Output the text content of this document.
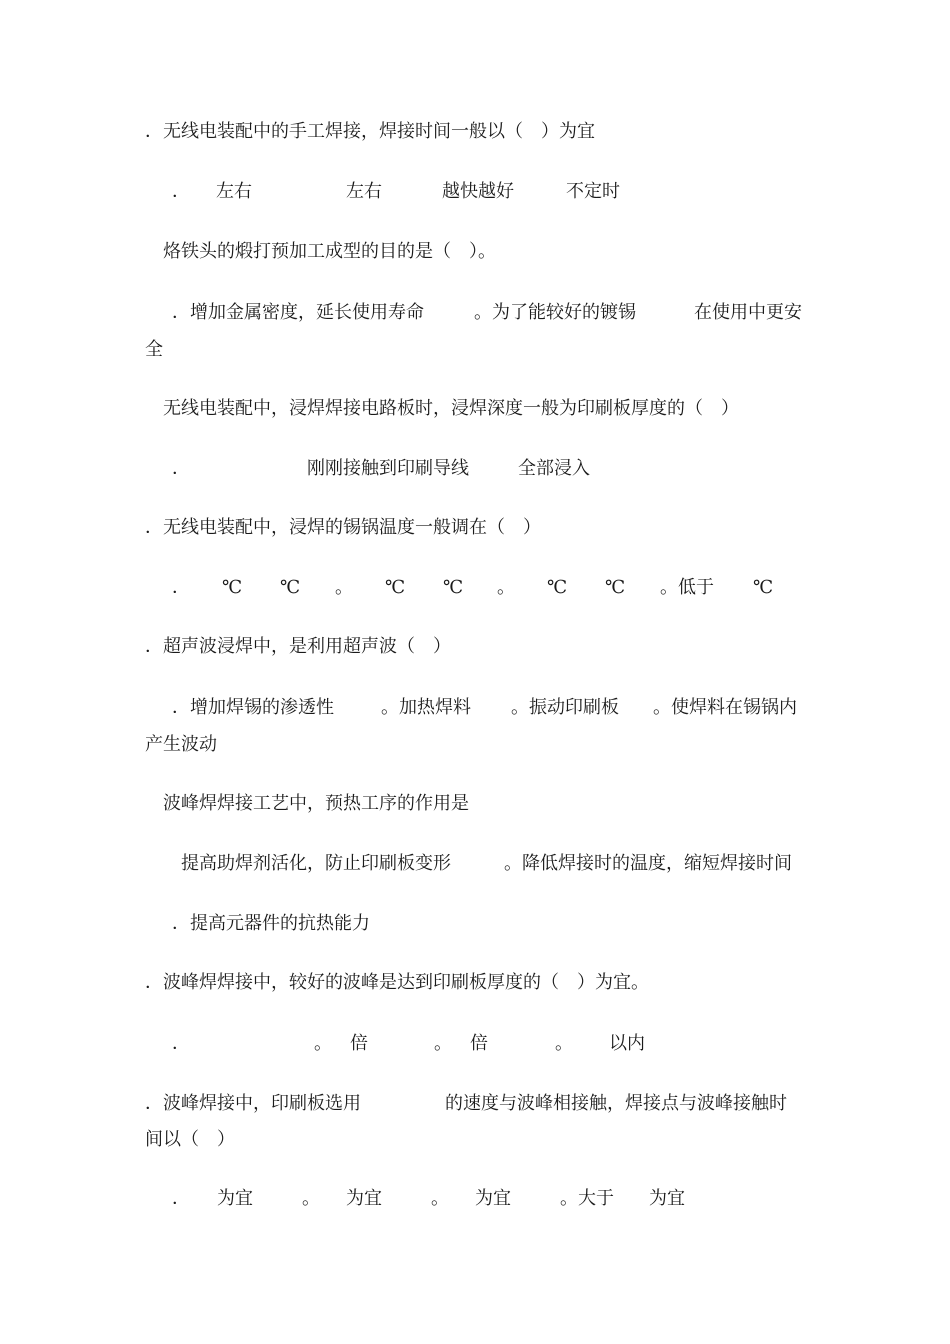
．无线电装配中的手工焊接，焊接时间一般以（　）为宜
． 左右	左右	越快越好	不定时
烙铁头的煅打预加工成型的目的是（　）。
．增加金属密度，延长使用寿命	。为了能较好的镀锡	在使用中更安
全
无线电装配中，浸焊焊接电路板时，浸焊深度一般为印刷板厚度的（　）
．	刚刚接触到印刷导线	全部浸入
．无线电装配中，浸焊的锡锅温度一般调在（　）
． ℃ ℃ 。 ℃ ℃ 。 ℃ ℃ 。低于 ℃
．超声波浸焊中，是利用超声波（　）
．增加焊锡的渗透性	。加热焊料 。振动印刷板 。使焊料在锡锅内
产生波动
波峰焊焊接工艺中，预热工序的作用是
提高助焊剂活化，防止印刷板变形	。降低焊接时的温度，缩短焊接时间
．提高元器件的抗热能力
．波峰焊焊接中，较好的波峰是达到印刷板厚度的（　）为宜。
．	。 倍	。 倍	。 以内
．波峰焊接中，印刷板选用	的速度与波峰相接触，焊接点与波峰接触时
间以（　）
． 为宜	。 为宜	。 为宜	。大于 为宜
